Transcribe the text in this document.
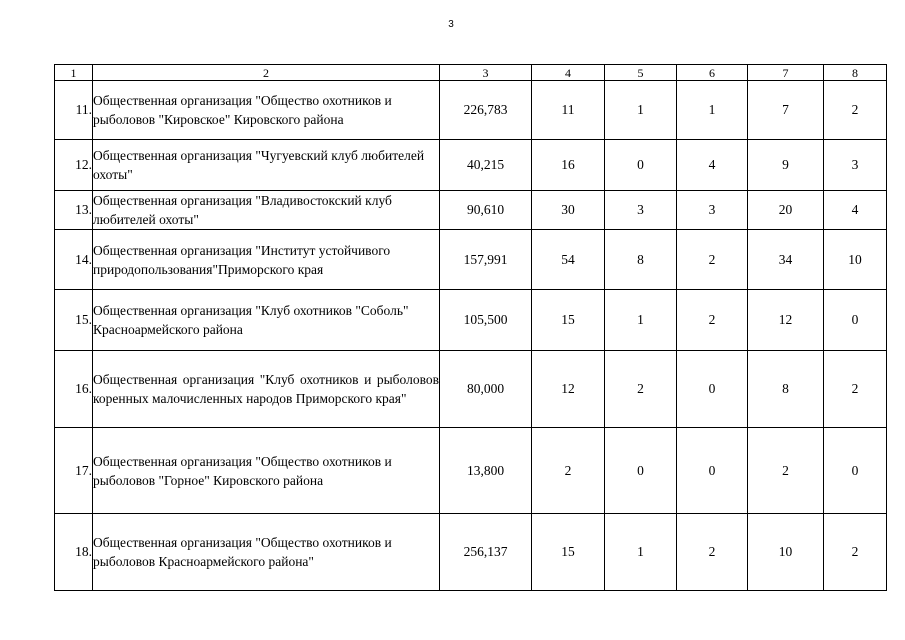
3
1	2	3	4	5	6	7	8
11.	Общественная организация "Общество охотников и рыболовов "Кировское" Кировского района	226,783	11	1	1	7	2
12.	Общественная организация "Чугуевский клуб любителей охоты"	40,215	16	0	4	9	3
13.	Общественная организация "Владивостокский клуб любителей охоты"	90,610	30	3	3	20	4
14.	Общественная организация "Институт устойчивого природопользования"Приморского края	157,991	54	8	2	34	10
15.	Общественная организация "Клуб охотников "Соболь" Красноармейского района	105,500	15	1	2	12	0
16.	Общественная организация "Клуб охотников и рыболовов коренных малочисленных народов Приморского края"	80,000	12	2	0	8	2
17.	Общественная организация "Общество охотников и рыболовов "Горное" Кировского района	13,800	2	0	0	2	0
18.	Общественная организация "Общество охотников и рыболовов Красноармейского района"	256,137	15	1	2	10	2
